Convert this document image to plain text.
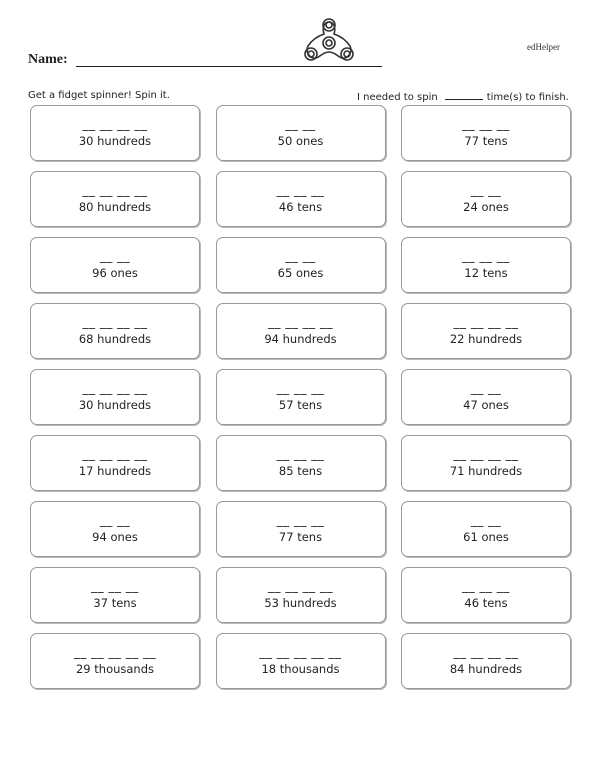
edHelper
Name:
Get a fidget spinner! Spin it.	I needed to spin	time(s) to finish.
__ __ __ __
30 hundreds
__ __
50 ones
__ __ __
77 tens
__ __ __ __
80 hundreds
__ __ __
46 tens
__ __
24 ones
__ __
96 ones
__ __
65 ones
__ __ __
12 tens
__ __ __ __
68 hundreds
__ __ __ __
94 hundreds
__ __ __ __
22 hundreds
__ __ __ __
30 hundreds
__ __ __
57 tens
__ __
47 ones
__ __ __ __
17 hundreds
__ __ __
85 tens
__ __ __ __
71 hundreds
__ __
94 ones
__ __ __
77 tens
__ __
61 ones
__ __ __
37 tens
__ __ __ __
53 hundreds
__ __ __
46 tens
__ __ __ __ __
29 thousands
__ __ __ __ __
18 thousands
__ __ __ __
84 hundreds
